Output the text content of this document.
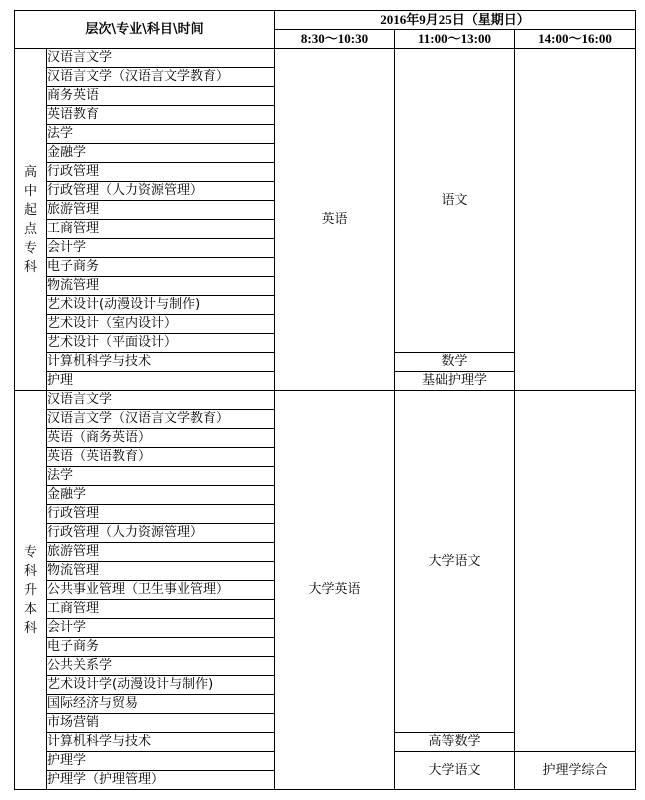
层次\专业\科目\时间		2016年9月25日（星期日）		
		8:30～10:30	11:00～13:00	14:00～16:00

高中起点专科	汉语言文学	英语	语文	
	汉语言文学（汉语言文学教育）			
	商务英语			
	英语教育			
	法学			
	金融学			
	行政管理			
	行政管理（人力资源管理）			
	旅游管理			
	工商管理			
	会计学			
	电子商务			
	物流管理			
	艺术设计(动漫设计与制作)			
	艺术设计（室内设计）			
	艺术设计（平面设计）			
	计算机科学与技术		数学	
	护理		基础护理学	

专科升本科	汉语言文学	大学英语	大学语文	
	汉语言文学（汉语言文学教育）			
	英语（商务英语）			
	英语（英语教育）			
	法学			
	金融学			
	行政管理			
	行政管理（人力资源管理）			
	旅游管理			
	物流管理			
	公共事业管理（卫生事业管理）			
	工商管理			
	会计学			
	电子商务			
	公共关系学			
	艺术设计学(动漫设计与制作)			
	国际经济与贸易			
	市场营销			
	计算机科学与技术		高等数学	
	护理学		大学语文	护理学综合
	护理学（护理管理）			
